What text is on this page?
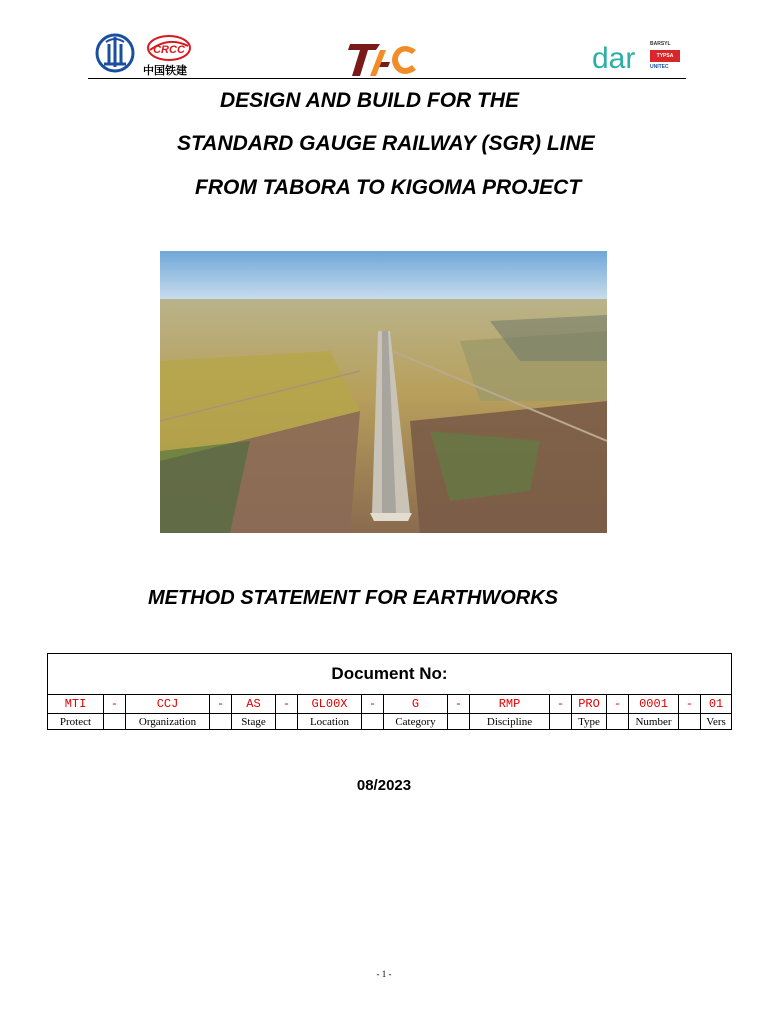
CRCC
中国铁建	dar	BARSYL
TYPSA
UNITEC
DESIGN AND BUILD FOR THE
STANDARD GAUGE RAILWAY (SGR) LINE
FROM TABORA TO KIGOMA PROJECT
METHOD STATEMENT FOR EARTHWORKS
Document No:																
MTI	-	CCJ	-	AS	-	GL00X	-	G	-	RMP	-	PRO	-	0001	-	01
Protect		Organization		Stage		Location		Category		Discipline		Type		Number		Vers
08/2023
- 1 -
